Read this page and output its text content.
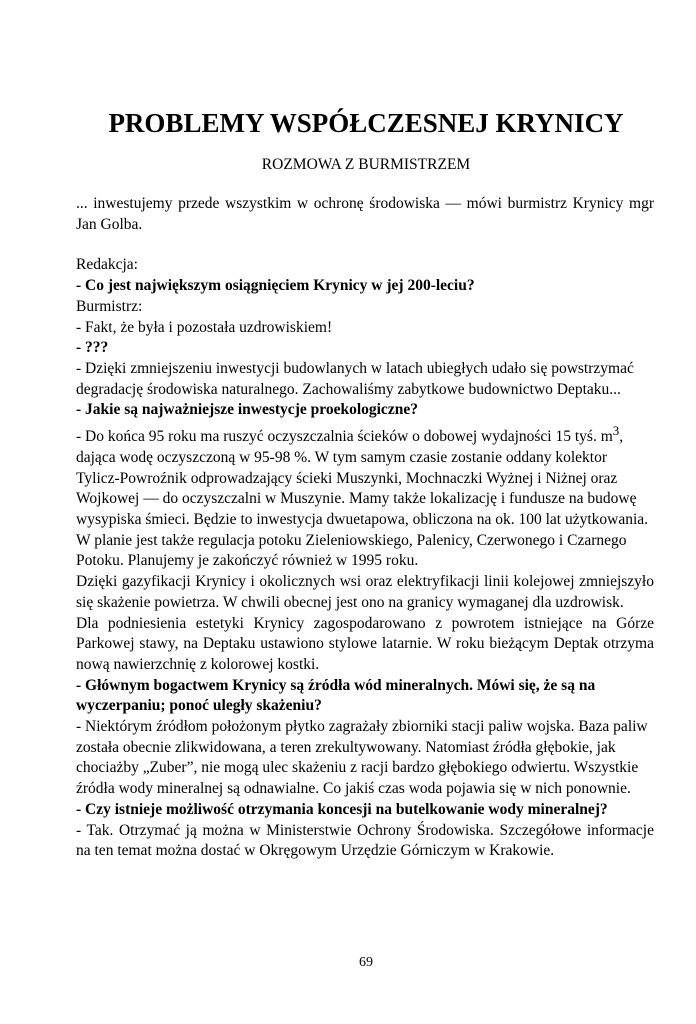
PROBLEMY WSPÓŁCZESNEJ KRYNICY
ROZMOWA Z BURMISTRZEM

... inwestujemy przede wszystkim w ochronę środowiska — mówi burmistrz Krynicy mgr Jan Golba.

Redakcja:

- Co jest największym osiągnięciem Krynicy w jej 200-leciu?

Burmistrz:

- Fakt, że była i pozostała uzdrowiskiem!

- ???

- Dzięki zmniejszeniu inwestycji budowlanych w latach ubiegłych udało się powstrzymać degradację środowiska naturalnego. Zachowaliśmy zabytkowe budownictwo Deptaku...

- Jakie są najważniejsze inwestycje proekologiczne?

- Do końca 95 roku ma ruszyć oczyszczalnia ścieków o dobowej wydajności 15 tyś. $m^3$, dająca wodę oczyszczoną w 95-98 %. W tym samym czasie zostanie oddany kolektor Tylicz-Powroźnik odprowadzający ścieki Muszynki, Mochnaczki Wyżnej i Niżnej oraz Wojkowej — do oczyszczalni w Muszynie. Mamy także lokalizację i fundusze na budowę wysypiska śmieci. Będzie to inwestycja dwuetapowa, obliczona na ok. 100 lat użytkowania. W planie jest także regulacja potoku Zieleniowskiego, Palenicy, Czerwonego i Czarnego Potoku. Planujemy je zakończyć również w 1995 roku.

Dzięki gazyfikacji Krynicy i okolicznych wsi oraz elektryfikacji linii kolejowej zmniejszyło się skażenie powietrza. W chwili obecnej jest ono na granicy wymaganej dla uzdrowisk.

Dla podniesienia estetyki Krynicy zagospodarowano z powrotem istniejące na Górze Parkowej stawy, na Deptaku ustawiono stylowe latarnie. W roku bieżącym Deptak otrzyma nową nawierzchnię z kolorowej kostki.

- Głównym bogactwem Krynicy są źródła wód mineralnych. Mówi się, że są na wyczerpaniu; ponoć uległy skażeniu?

- Niektórym źródłom położonym płytko zagrażały zbiorniki stacji paliw wojska. Baza paliw została obecnie zlikwidowana, a teren zrekultywowany. Natomiast źródła głębokie, jak chociażby „Zuber”, nie mogą ulec skażeniu z racji bardzo głębokiego odwiertu. Wszystkie źródła wody mineralnej są odnawialne. Co jakiś czas woda pojawia się w nich ponownie.

- Czy istnieje możliwość otrzymania koncesji na butelkowanie wody mineralnej?

- Tak. Otrzymać ją można w Ministerstwie Ochrony Środowiska. Szczegółowe informacje na ten temat można dostać w Okręgowym Urzędzie Górniczym w Krakowie.

69
